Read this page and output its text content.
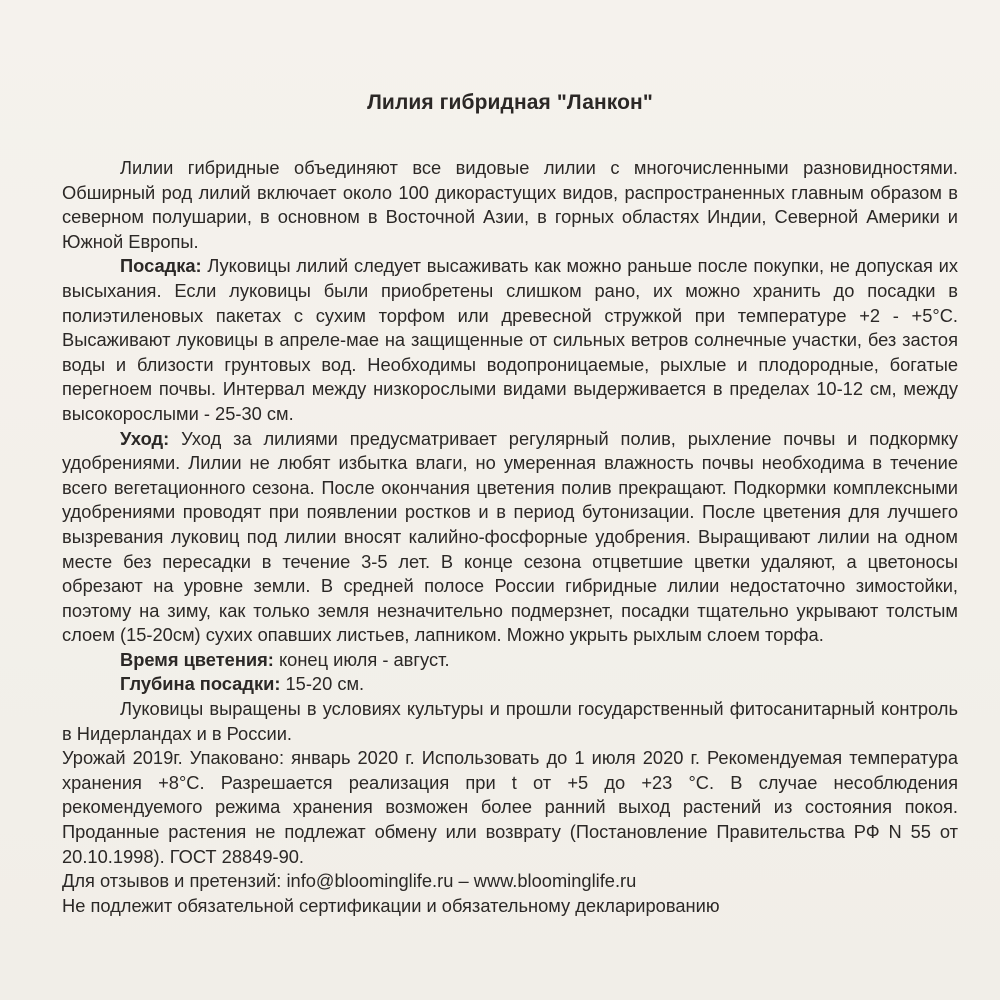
Лилия гибридная "Ланкон"

Лилии гибридные объединяют все видовые лилии с многочисленными разновидностями. Обширный род лилий включает около 100 дикорастущих видов, распространенных главным образом в северном полушарии, в основном в Восточной Азии, в горных областях Индии, Северной Америки и Южной Европы.

Посадка: Луковицы лилий следует высаживать как можно раньше после покупки, не допуская их высыхания. Если луковицы были приобретены слишком рано, их можно хранить до посадки в полиэтиленовых пакетах с сухим торфом или древесной стружкой при температуре +2 - +5°С. Высаживают луковицы в апреле-мае на защищенные от сильных ветров солнечные участки, без застоя воды и близости грунтовых вод. Необходимы водопроницаемые, рыхлые и плодородные, богатые перегноем почвы. Интервал между низкорослыми видами выдерживается в пределах 10-12 см, между высокорослыми - 25-30 см.

Уход: Уход за лилиями предусматривает регулярный полив, рыхление почвы и подкормку удобрениями. Лилии не любят избытка влаги, но умеренная влажность почвы необходима в течение всего вегетационного сезона. После окончания цветения полив прекращают. Подкормки комплексными удобрениями проводят при появлении ростков и в период бутонизации. После цветения для лучшего вызревания луковиц под лилии вносят калийно-фосфорные удобрения. Выращивают лилии на одном месте без пересадки в течение 3-5 лет. В конце сезона отцветшие цветки удаляют, а цветоносы обрезают на уровне земли. В средней полосе России гибридные лилии недостаточно зимостойки, поэтому на зиму, как только земля незначительно подмерзнет, посадки тщательно укрывают толстым слоем (15-20см) сухих опавших листьев, лапником. Можно укрыть рыхлым слоем торфа.

Время цветения: конец июля - август.

Глубина посадки: 15-20 см.

Луковицы выращены в условиях культуры и прошли государственный фитосанитарный контроль в Нидерландах и в России.

Урожай 2019г. Упаковано: январь 2020 г. Использовать до 1 июля 2020 г. Рекомендуемая температура хранения +8°С. Разрешается реализация при t от +5 до +23 °С. В случае несоблюдения рекомендуемого режима хранения возможен более ранний выход растений из состояния покоя. Проданные растения не подлежат обмену или возврату (Постановление Правительства РФ N 55 от 20.10.1998). ГОСТ 28849-90.

Для отзывов и претензий: info@bloominglife.ru – www.bloominglife.ru

Не подлежит обязательной сертификации и обязательному декларированию
